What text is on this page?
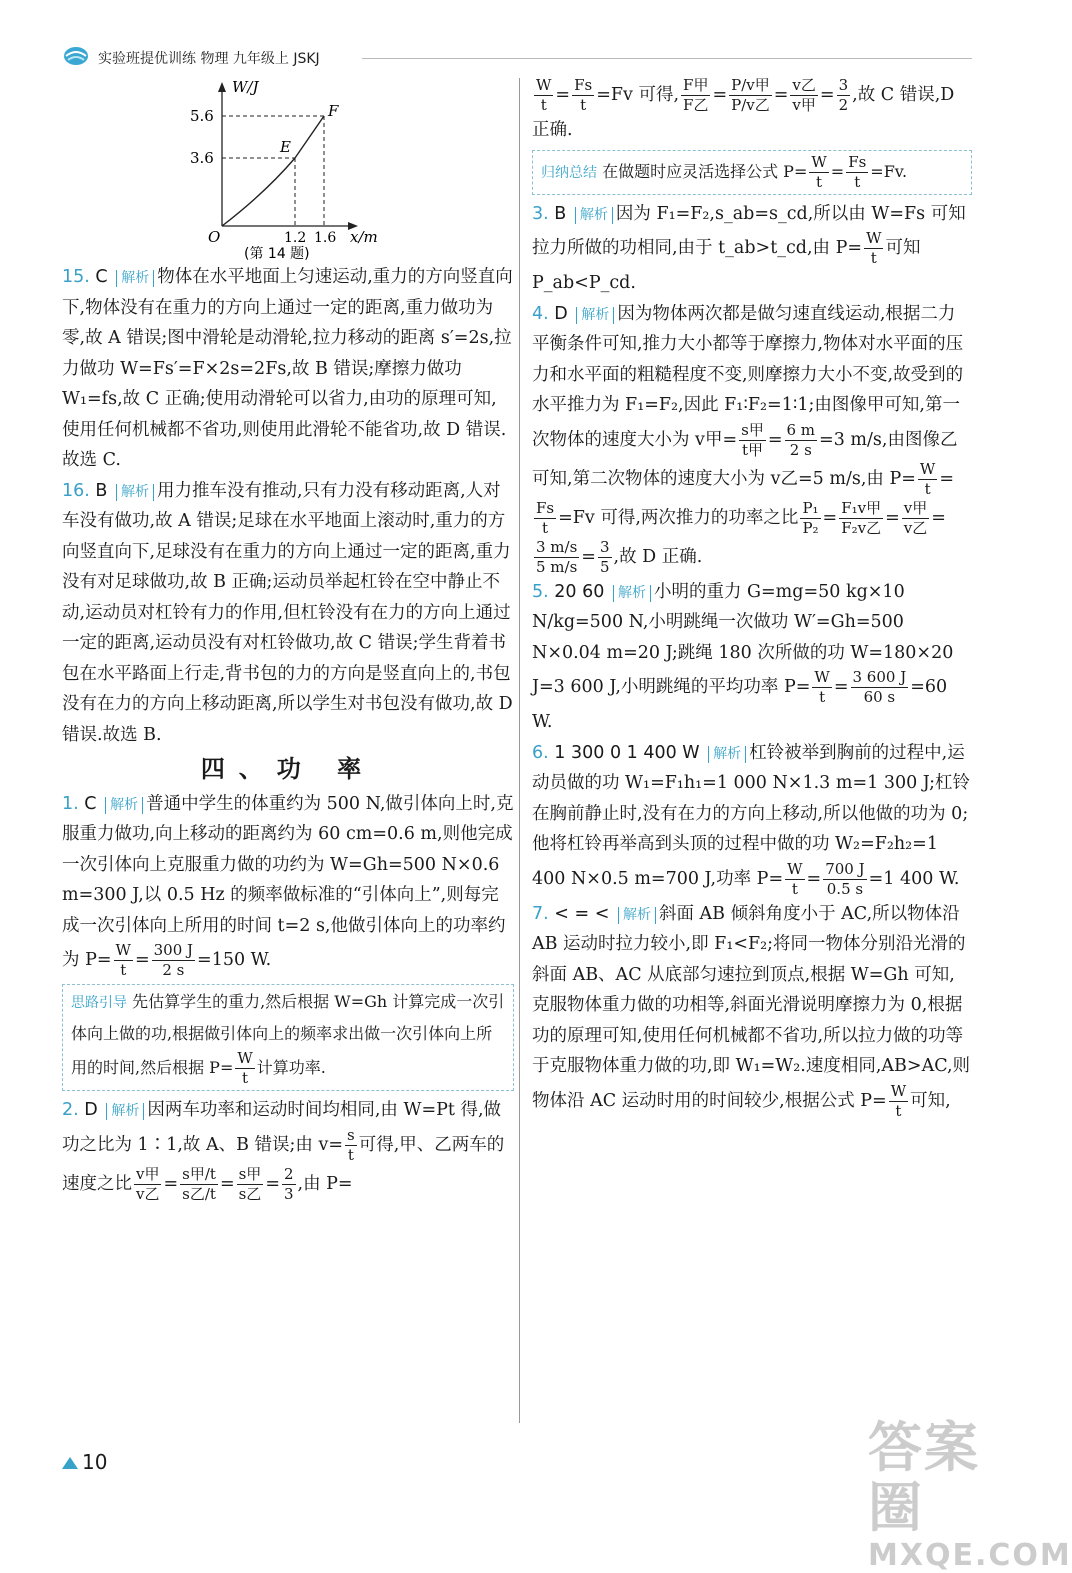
实验班提优训练 物理 九年级上 JSKJ
W/J
5.6
3.6
F
E
O	1.2 1.6 x/m
(第 14 题)

15. C 解析 物体在水平地面上匀速运动,重力的方向竖直向下,物体没有在重力的方向上通过一定的距离,重力做功为零,故 A 错误;图中滑轮是动滑轮,拉力移动的距离 s′=2s,拉力做功 W=Fs′=F×2s=2Fs,故 B 错误;摩擦力做功 W₁=fs,故 C 正确;使用动滑轮可以省力,由功的原理可知,使用任何机械都不省功,则使用此滑轮不能省功,故 D 错误.故选 C.

16. B 解析 用力推车没有推动,只有力没有移动距离,人对车没有做功,故 A 错误;足球在水平地面上滚动时,重力的方向竖直向下,足球没有在重力的方向上通过一定的距离,重力没有对足球做功,故 B 正确;运动员举起杠铃在空中静止不动,运动员对杠铃有力的作用,但杠铃没有在力的方向上通过一定的距离,运动员没有对杠铃做功,故 C 错误;学生背着书包在水平路面上行走,背书包的力的方向是竖直向上的,书包没有在力的方向上移动距离,所以学生对书包没有做功,故 D 错误.故选 B.

四、功 率

1. C 解析 普通中学生的体重约为 500 N,做引体向上时,克服重力做功,向上移动的距离约为 60 cm=0.6 m,则他完成一次引体向上克服重力做的功约为 W=Gh=500 N×0.6 m=300 J,以 0.5 Hz 的频率做标准的“引体向上”,则每完成一次引体向上所用的时间 t=2 s,他做引体向上的功率约为 $P= \frac{W}{t} = \frac{300 J}{2 s} =150$ W.

思路引导 先估算学生的重力,然后根据 W=Gh 计算完成一次引体向上做的功,根据做引体向上的频率求出做一次引体向上所用的时间,然后根据 $P= \frac{W}{t}$ 计算功率.

2. D 解析 因两车功率和运动时间均相同,由 W=Pt 得,做功之比为 1∶1,故 A、B 错误;由 $v= \frac{s}{t}$ 可得,甲、乙两车的速度之比 $\frac{\text{v甲}}{\text{v乙}} = \frac{\text{s甲/t}}{\text{s乙/t}} = \frac{\text{s甲}}{\text{s乙}} = \frac{2}{3}$ ,由 P=

$\frac{W}{t} = \frac{Fs}{t} =Fv$ 可得, $\frac{\text{F甲}}{\text{F乙}} = \frac{\text{P/v甲}}{\text{P/v乙}} = \frac{\text{v乙}}{\text{v甲}} = \frac{3}{2}$ ,故 C 错误,D 正确.

归纳总结 在做题时应灵活选择公式 $P= \frac{W}{t} = \frac{Fs}{t} =Fv$.

3. B 解析 因为 F₁=F₂,s_ab=s_cd,所以由 W=Fs 可知拉力所做的功相同,由于 t_ab>t_cd,由 $P= \frac{W}{t}$ 可知 P_ab<P_cd.

4. D 解析 因为物体两次都是做匀速直线运动,根据二力平衡条件可知,推力大小都等于摩擦力,物体对水平面的压力和水平面的粗糙程度不变,则摩擦力大小不变,故受到的水平推力为 F₁=F₂,因此 F₁∶F₂=1∶1;由图像甲可知,第一次物体的速度大小为 v甲= $\frac{\text{s甲}}{\text{t甲}} = \frac{6 m}{2 s} =3$ m/s,由图像乙可知,第二次物体的速度大小为 v乙=5 m/s,由 $P= \frac{W}{t}$ =
$\frac{Fs}{t} =Fv$ 可得,两次推力的功率之比 $\frac{\text{P₁}}{\text{P₂}} = \frac{\text{F₁v甲}}{\text{F₂v乙}} = \frac{\text{v甲}}{\text{v乙}}$ =
$\frac{3 m/s}{5 m/s} = \frac{3}{5}$ ,故 D 正确.

5. 20 60 解析 小明的重力 G=mg=50 kg×10 N/kg=500 N,小明跳绳一次做功 W′=Gh=500 N×0.04 m=20 J;跳绳 180 次所做的功 W=180×20 J=3 600 J,小明跳绳的平均功率 $P= \frac{W}{t} = \frac{3 600 J}{60 s} =60$ W.

6. 1 300 0 1 400 W 解析 杠铃被举到胸前的过程中,运动员做的功 W₁=F₁h₁=1 000 N×1.3 m=1 300 J;杠铃在胸前静止时,没有在力的方向上移动,所以他做的功为 0;他将杠铃再举高到头顶的过程中做的功 W₂=F₂h₂=1 400 N×0.5 m=700 J,功率 $P= \frac{W}{t} = \frac{700 J}{0.5 s} =1$ 400 W.

7. < = < 解析 斜面 AB 倾斜角度小于 AC,所以物体沿 AB 运动时拉力较小,即 F₁<F₂;将同一物体分别沿光滑的斜面 AB、AC 从底部匀速拉到顶点,根据 W=Gh 可知,克服物体重力做的功相等,斜面光滑说明摩擦力为 0,根据功的原理可知,使用任何机械都不省功,所以拉力做的功等于克服物体重力做的功,即 W₁=W₂.速度相同,AB>AC,则物体沿 AC 运动时用的时间较少,根据公式 $P= \frac{W}{t}$ 可知,

10	答案圈
MXQE.COM
